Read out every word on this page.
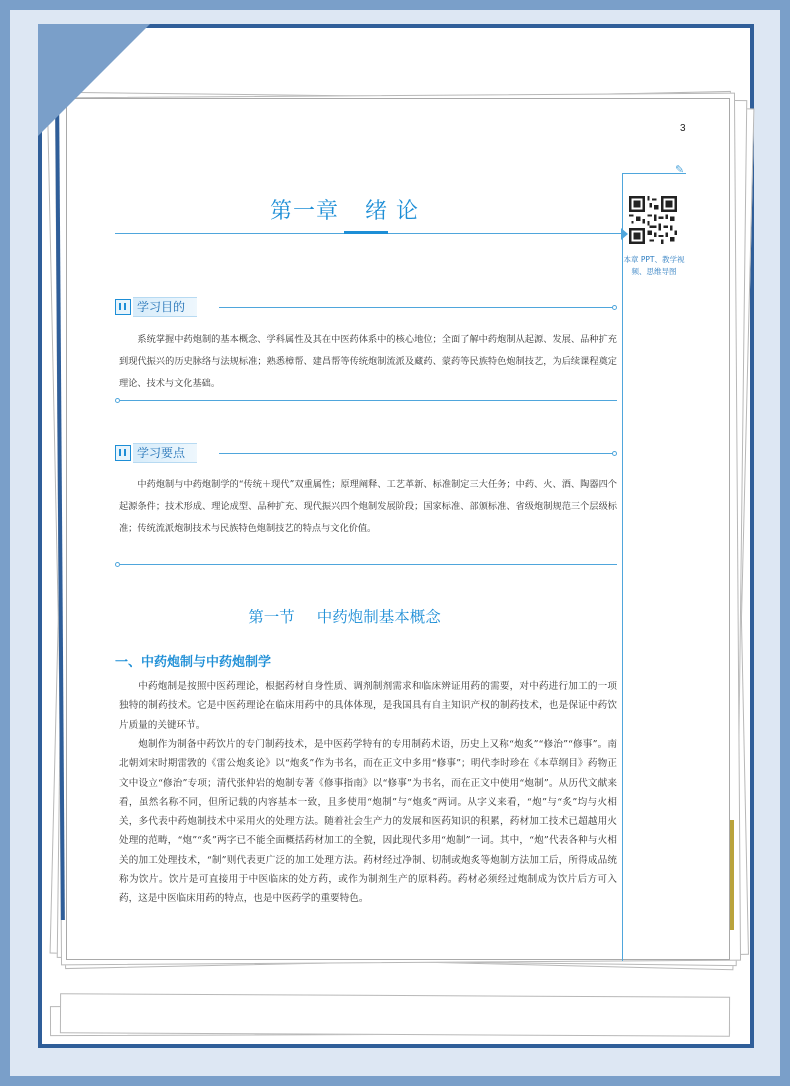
3
✎
本章 PPT、教学视频、思维导图
第一章 绪 论
学习目的
系统掌握中药炮制的基本概念、学科属性及其在中医药体系中的核心地位；全面了解中药炮制从起源、发展、品种扩充到现代振兴的历史脉络与法规标准；熟悉樟帮、建昌帮等传统炮制流派及藏药、蒙药等民族特色炮制技艺，为后续课程奠定理论、技术与文化基础。
学习要点
中药炮制与中药炮制学的“传统＋现代”双重属性；原理阐释、工艺革新、标准制定三大任务；中药、火、酒、陶器四个起源条件；技术形成、理论成型、品种扩充、现代振兴四个炮制发展阶段；国家标准、部颁标准、省级炮制规范三个层级标准；传统流派炮制技术与民族特色炮制技艺的特点与文化价值。
第一节 中药炮制基本概念
一、中药炮制与中药炮制学
中药炮制是按照中医药理论，根据药材自身性质、调剂制剂需求和临床辨证用药的需要，对中药进行加工的一项独特的制药技术。它是中医药理论在临床用药中的具体体现，是我国具有自主知识产权的制药技术，也是保证中药饮片质量的关键环节。
炮制作为制备中药饮片的专门制药技术，是中医药学特有的专用制药术语，历史上又称“炮炙”“修治”“修事”。南北朝刘宋时期雷敩的《雷公炮炙论》以“炮炙”作为书名，而在正文中多用“修事”；明代李时珍在《本草纲目》药物正文中设立“修治”专项；清代张仲岩的炮制专著《修事指南》以“修事”为书名，而在正文中使用“炮制”。从历代文献来看，虽然名称不同，但所记载的内容基本一致，且多使用“炮制”与“炮炙”两词。从字义来看，“炮”与“炙”均与火相关，多代表中药炮制技术中采用火的处理方法。随着社会生产力的发展和医药知识的积累，药材加工技术已超越用火处理的范畴，“炮”“炙”两字已不能全面概括药材加工的全貌，因此现代多用“炮制”一词。其中，“炮”代表各种与火相关的加工处理技术，“制”则代表更广泛的加工处理方法。药材经过净制、切制或炮炙等炮制方法加工后，所得成品统称为饮片。饮片是可直接用于中医临床的处方药，或作为制剂生产的原料药。药材必须经过炮制成为饮片后方可入药，这是中医临床用药的特点，也是中医药学的重要特色。
